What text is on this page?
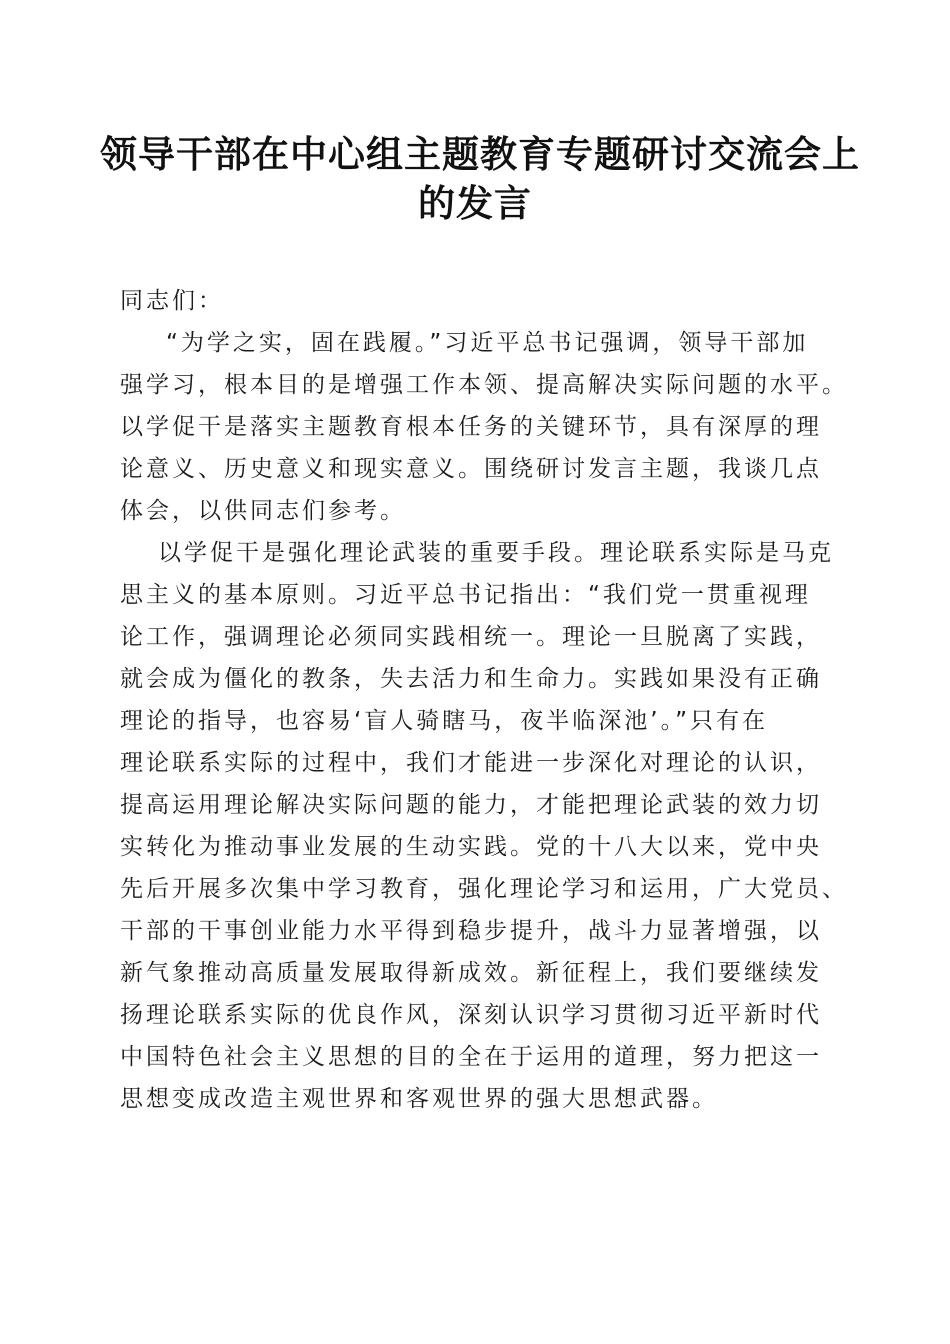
领导干部在中心组主题教育专题研讨交流会上
的发言
同志们：
“为学之实，固在践履。”习近平总书记强调，领导干部加
强学习，根本目的是增强工作本领、提高解决实际问题的水平。
以学促干是落实主题教育根本任务的关键环节，具有深厚的理
论意义、历史意义和现实意义。围绕研讨发言主题，我谈几点
体会，以供同志们参考。
以学促干是强化理论武装的重要手段。理论联系实际是马克
思主义的基本原则。习近平总书记指出：“我们党一贯重视理
论工作，强调理论必须同实践相统一。理论一旦脱离了实践，
就会成为僵化的教条，失去活力和生命力。实践如果没有正确
理论的指导，也容易‘盲人骑瞎马，夜半临深池’。”只有在
理论联系实际的过程中，我们才能进一步深化对理论的认识，
提高运用理论解决实际问题的能力，才能把理论武装的效力切
实转化为推动事业发展的生动实践。党的十八大以来，党中央
先后开展多次集中学习教育，强化理论学习和运用，广大党员、
干部的干事创业能力水平得到稳步提升，战斗力显著增强，以
新气象推动高质量发展取得新成效。新征程上，我们要继续发
扬理论联系实际的优良作风，深刻认识学习贯彻习近平新时代
中国特色社会主义思想的目的全在于运用的道理，努力把这一
思想变成改造主观世界和客观世界的强大思想武器。
